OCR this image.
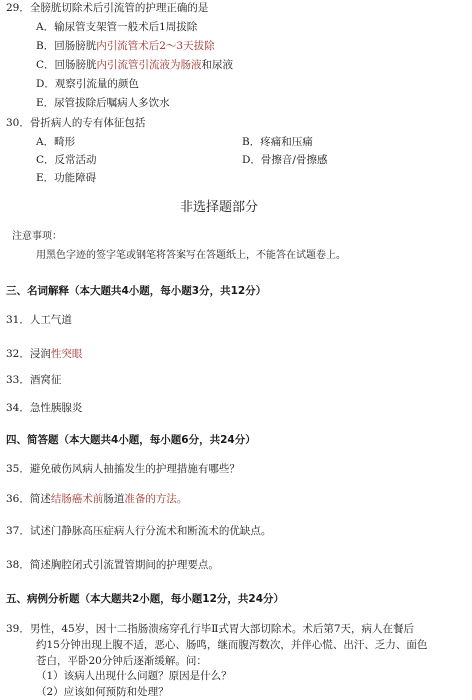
29．全膀胱切除术后引流管的护理正确的是
A．输尿管支架管一般术后1周拔除
B．回肠膀胱内引流管术后2～3天拔除
C．回肠膀胱内引流管引流液为肠液和尿液
D．观察引流量的颜色
E．尿管拔除后嘱病人多饮水
30．骨折病人的专有体征包括
A．畸形	B．疼痛和压痛
C．反常活动	D．骨擦音/骨擦感
E．功能障碍
非选择题部分
注意事项：
用黑色字迹的签字笔或钢笔将答案写在答题纸上，不能答在试题卷上。
三、名词解释（本大题共4小题，每小题3分，共12分）
31．人工气道
32．浸润性突眼
33．酒窝征
34．急性胰腺炎
四、简答题（本大题共4小题，每小题6分，共24分）
35．避免破伤风病人抽搐发生的护理措施有哪些？
36．简述结肠癌术前肠道准备的方法。
37．试述门静脉高压症病人行分流术和断流术的优缺点。
38．简述胸腔闭式引流置管期间的护理要点。
五、病例分析题（本大题共2小题，每小题12分，共24分）
39．男性，45岁，因十二指肠溃疡穿孔行毕Ⅱ式胃大部切除术。术后第7天，病人在餐后
约15分钟出现上腹不适，恶心、肠鸣，继而腹泻数次，并伴心慌、出汗、乏力、面色
苍白，平卧20分钟后逐渐缓解。问：
（1）该病人出现什么问题？原因是什么？
（2）应该如何预防和处理？
